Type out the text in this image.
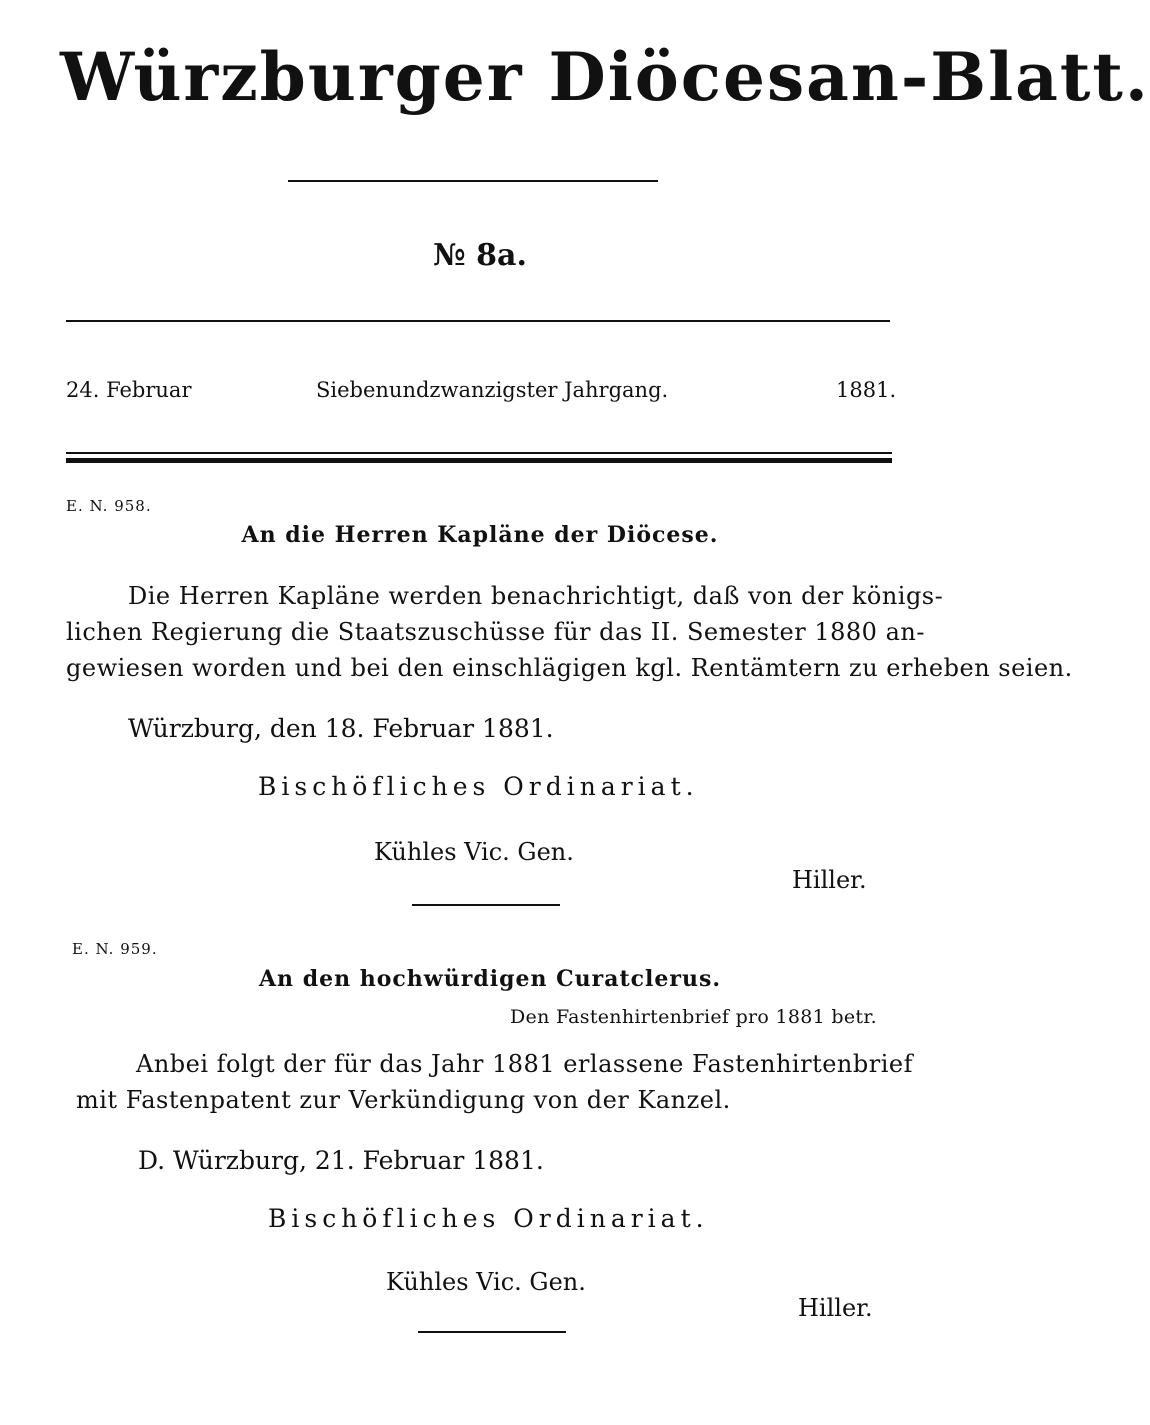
Würzburger Diöcesan-Blatt.
№ 8a.
24. Februar	Siebenundzwanzigster Jahrgang.	1881.
E. N. 958.
An die Herren Kapläne der Diöcese.
Die Herren Kapläne werden benachrichtigt, daß von der königs-
lichen Regierung die Staatszuschüsse für das II. Semester 1880 an-
gewiesen worden und bei den einschlägigen kgl. Rentämtern zu erheben seien.
Würzburg, den 18. Februar 1881.
Bischöfliches Ordinariat.
Kühles Vic. Gen.
Hiller.
E. N. 959.
An den hochwürdigen Curatclerus.
Den Fastenhirtenbrief pro 1881 betr.
Anbei folgt der für das Jahr 1881 erlassene Fastenhirtenbrief
mit Fastenpatent zur Verkündigung von der Kanzel.
D. Würzburg, 21. Februar 1881.
Bischöfliches Ordinariat.
Kühles Vic. Gen.
Hiller.
